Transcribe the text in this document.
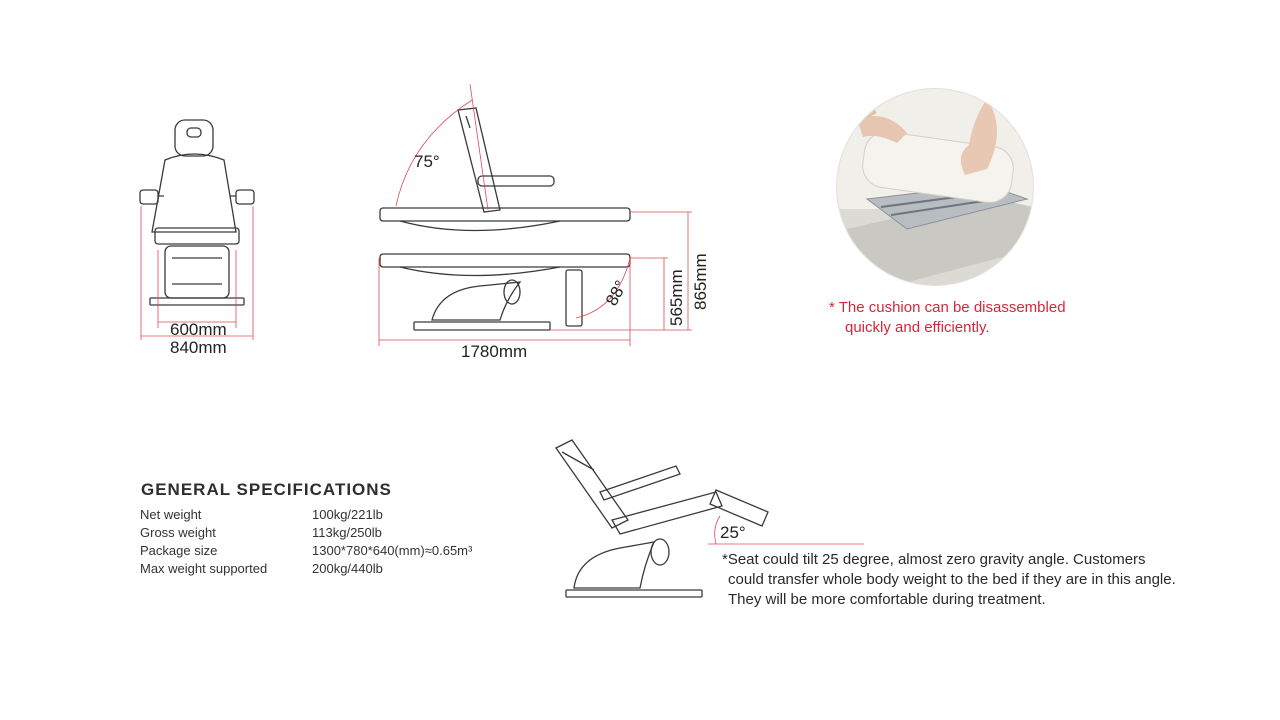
600mm
840mm
75°
88°
1780mm
565mm 865mm	* The cushion can be disassembled
quickly and efficiently.
GENERAL SPECIFICATIONS
Net weight	100kg/221lb
Gross weight	113kg/250lb
Package size	1300*780*640(mm)≈0.65m³
Max weight supported	200kg/440lb
25°
*Seat could tilt 25 degree, almost zero gravity angle. Customers
could transfer whole body weight to the bed if they are in this angle.
They will be more comfortable during treatment.
